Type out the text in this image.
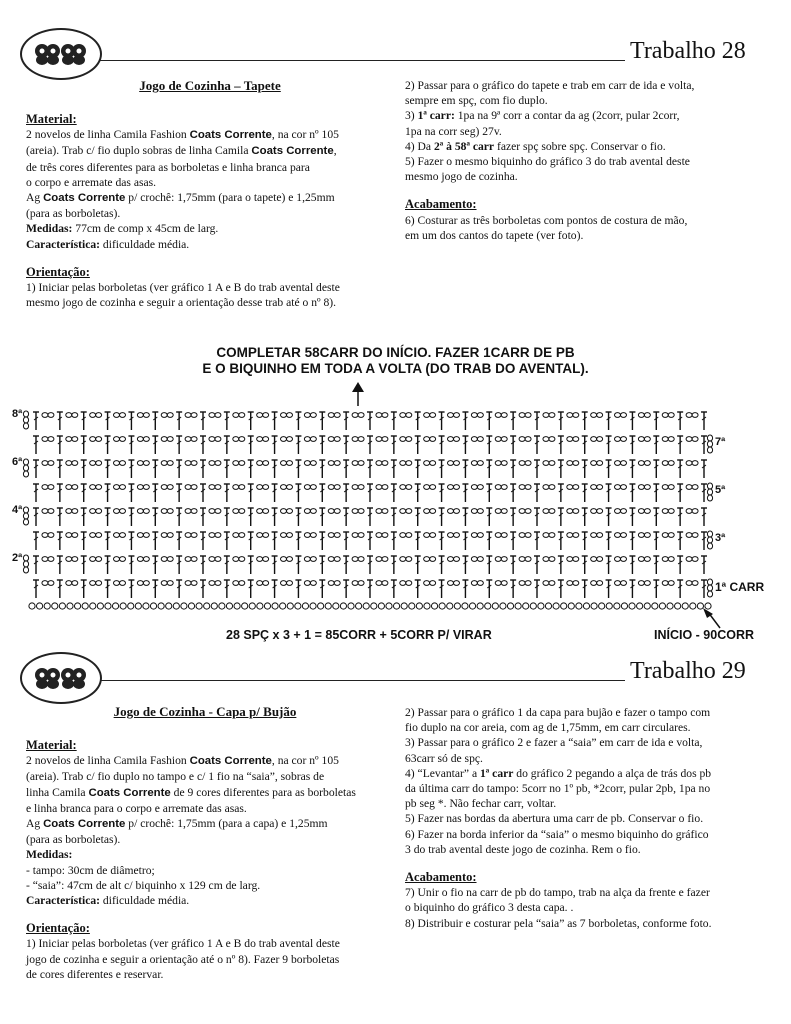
Trabalho 28
Jogo de Cozinha – Tapete

Material:

2 novelos de linha Camila Fashion Coats Corrente, na cor nº 105

(areia). Trab c/ fio duplo sobras de linha Camila Coats Corrente,

de três cores diferentes para as borboletas e linha branca para

o corpo e arremate das asas.

Ag Coats Corrente p/ crochê: 1,75mm (para o tapete) e 1,25mm

(para as borboletas).

Medidas: 77cm de comp x 45cm de larg.

Característica: dificuldade média.

Orientação:

1) Iniciar pelas borboletas (ver gráfico 1 A e B do trab avental deste

mesmo jogo de cozinha e seguir a orientação desse trab até o nº 8).

2) Passar para o gráfico do tapete e trab em carr de ida e volta,

sempre em spç, com fio duplo.

3) 1ª carr: 1pa na 9ª corr a contar da ag (2corr, pular 2corr,

1pa na corr seg) 27v.

4) Da 2ª à 58ª carr fazer spç sobre spç. Conservar o fio.

5) Fazer o mesmo biquinho do gráfico 3 do trab avental deste

mesmo jogo de cozinha.

Acabamento:

6) Costurar as três borboletas com pontos de costura de mão,

em um dos cantos do tapete (ver foto).

COMPLETAR 58CARR DO INÍCIO. FAZER 1CARR DE PB
E O BIQUINHO EM TODA A VOLTA (DO TRAB DO AVENTAL).
28 SPÇ x 3 + 1 = 85CORR + 5CORR P/ VIRAR	INÍCIO - 90CORR
Trabalho 29
Jogo de Cozinha - Capa p/ Bujão

Material:

2 novelos de linha Camila Fashion Coats Corrente, na cor nº 105

(areia). Trab c/ fio duplo no tampo e c/ 1 fio na “saia”, sobras de

linha Camila Coats Corrente de 9 cores diferentes para as borboletas

e linha branca para o corpo e arremate das asas.

Ag Coats Corrente p/ crochê: 1,75mm (para a capa) e 1,25mm

(para as borboletas).

Medidas:

- tampo: 30cm de diâmetro;

- “saia”: 47cm de alt c/ biquinho x 129 cm de larg.

Característica: dificuldade média.

Orientação:

1) Iniciar pelas borboletas (ver gráfico 1 A e B do trab avental deste

jogo de cozinha e seguir a orientação até o nº 8). Fazer 9 borboletas

de cores diferentes e reservar.

2) Passar para o gráfico 1 da capa para bujão e fazer o tampo com

fio duplo na cor areia, com ag de 1,75mm, em carr circulares.

3) Passar para o gráfico 2 e fazer a “saia” em carr de ida e volta,

63carr só de spç.

4) “Levantar” a 1ª carr do gráfico 2 pegando a alça de trás dos pb

da última carr do tampo: 5corr no 1º pb, *2corr, pular 2pb, 1pa no

pb seg *. Não fechar carr, voltar.

5) Fazer nas bordas da abertura uma carr de pb. Conservar o fio.

6) Fazer na borda inferior da “saia” o mesmo biquinho do gráfico

3 do trab avental deste jogo de cozinha. Rem o fio.

Acabamento:

7) Unir o fio na carr de pb do tampo, trab na alça da frente e fazer

o biquinho do gráfico 3 desta capa. .

8) Distribuir e costurar pela “saia” as 7 borboletas, conforme foto.

8ª
6ª
4ª
2ª
7ª
5ª
3ª
1ª CARR
